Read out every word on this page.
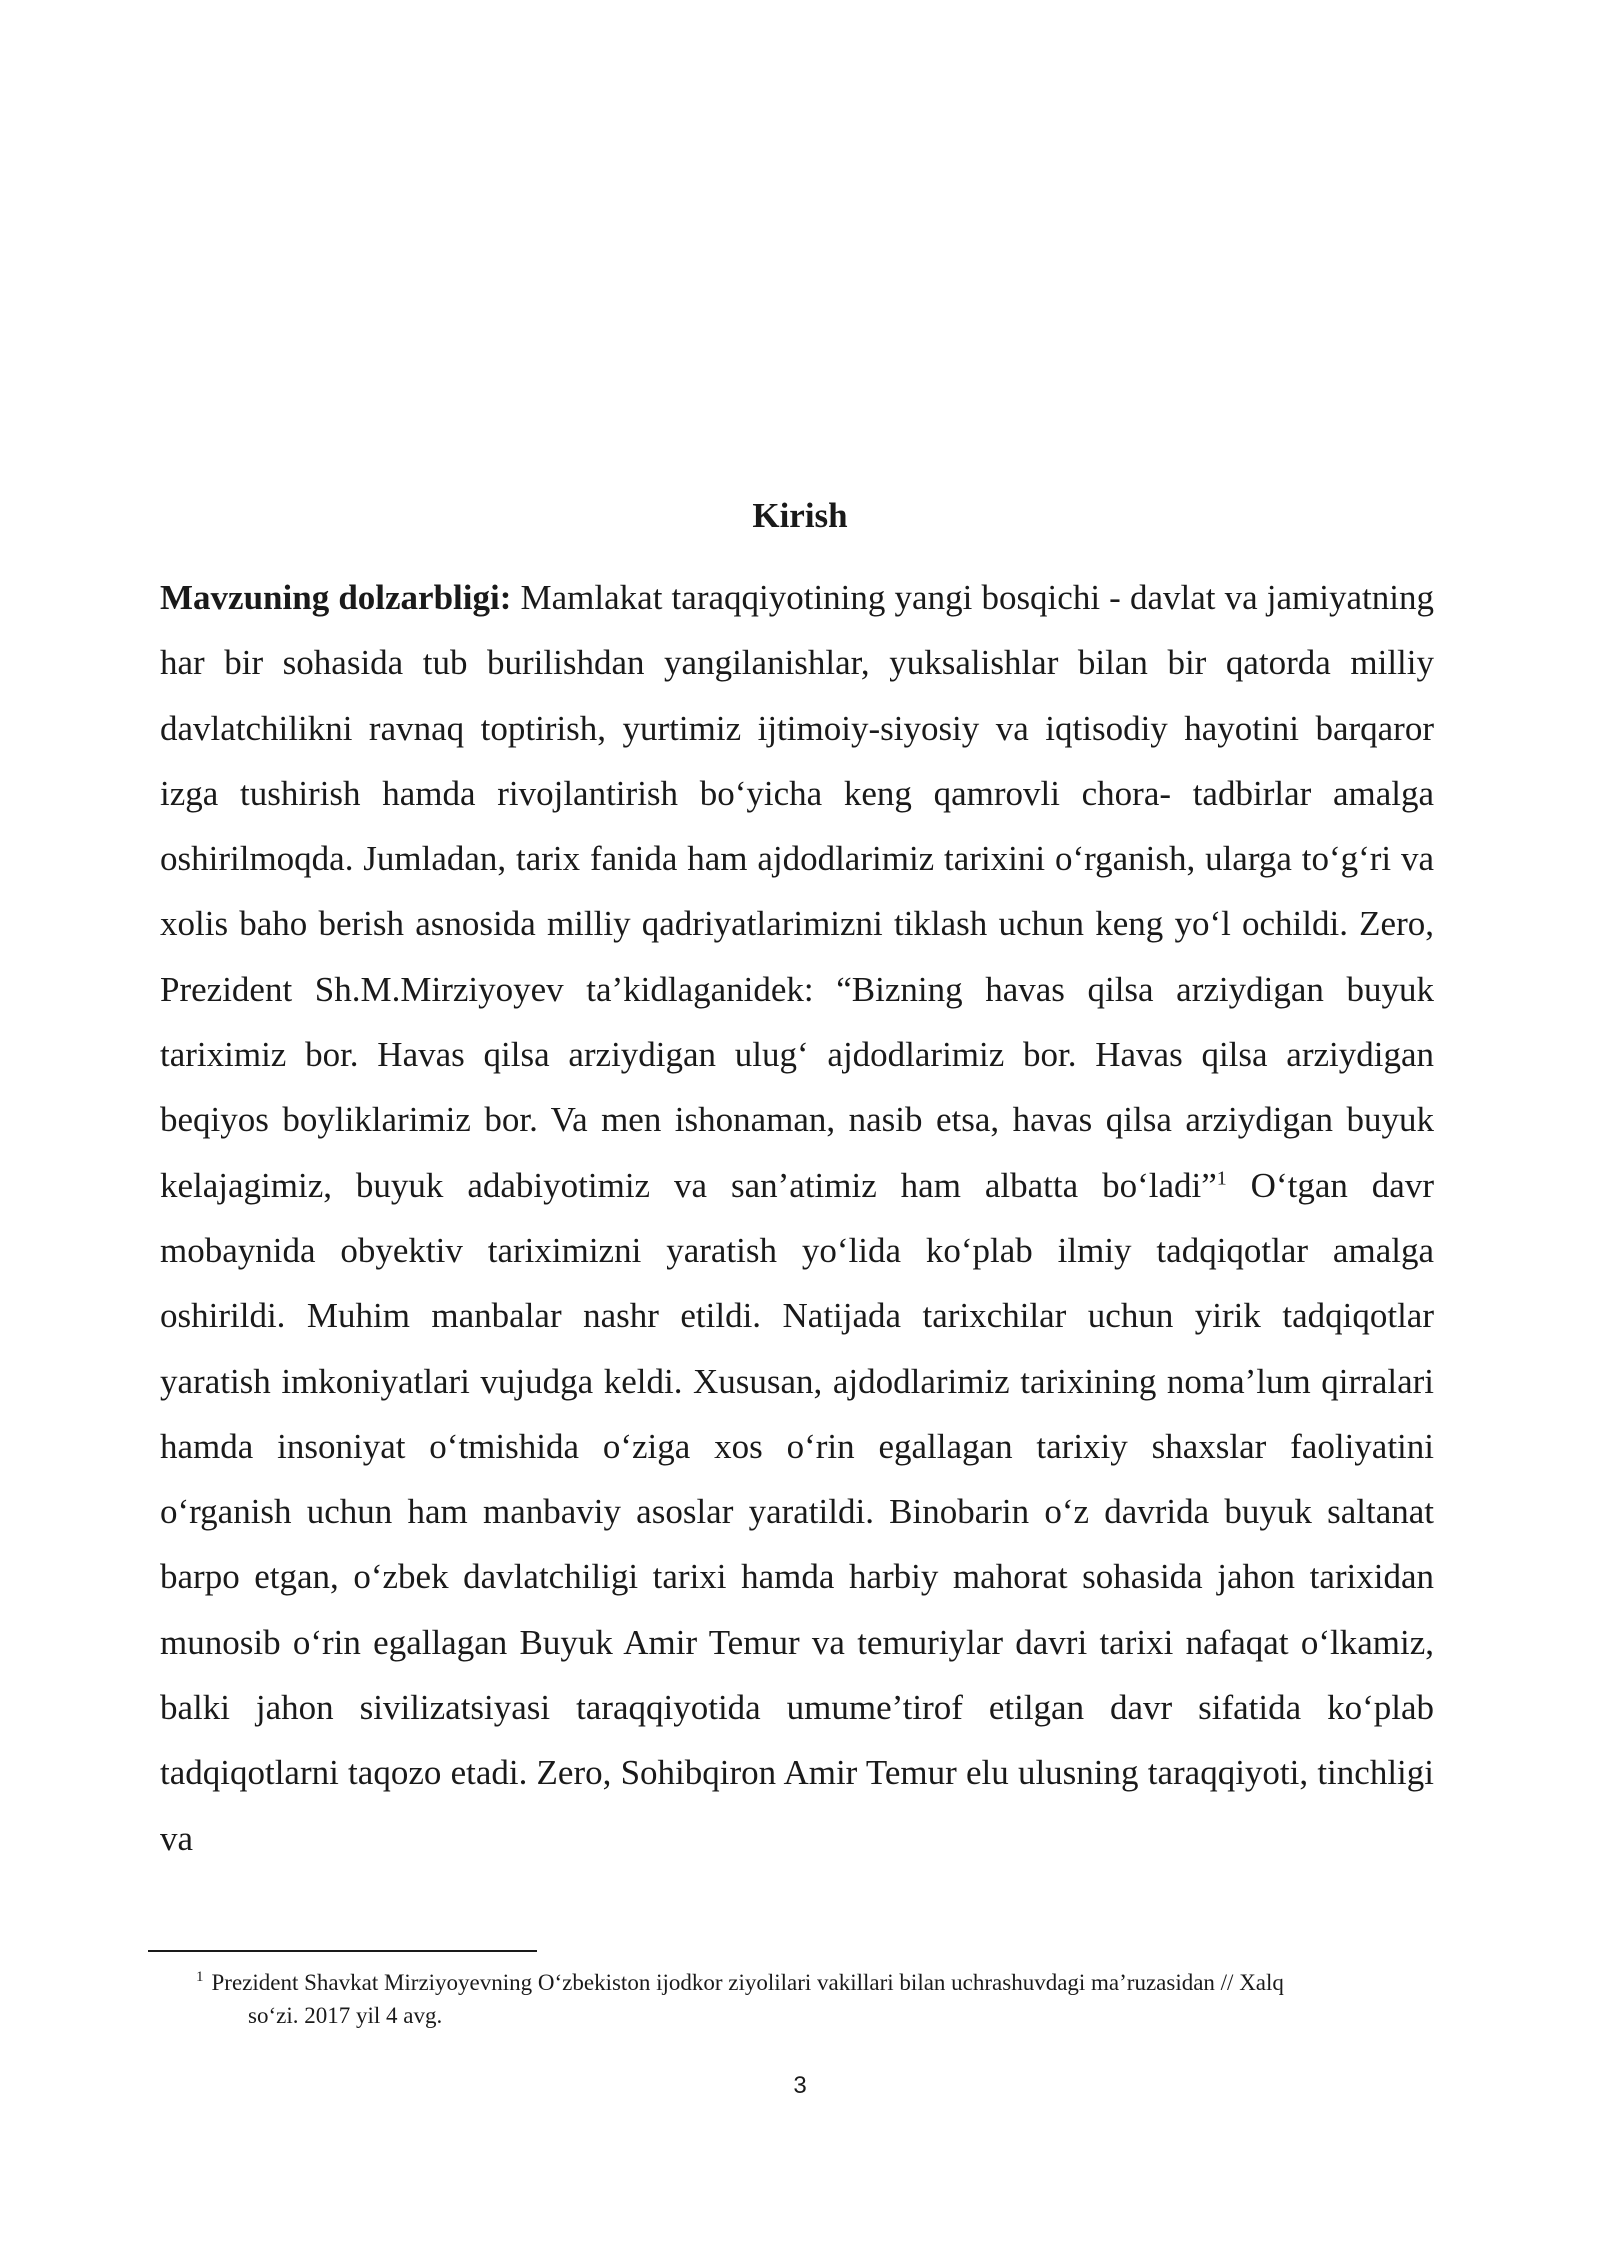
Kirish

Mavzuning dolzarbligi: Mamlakat taraqqiyotining yangi bosqichi - davlat va jamiyatning har bir sohasida tub burilishdan yangilanishlar, yuksalishlar bilan bir qatorda milliy davlatchilikni ravnaq toptirish, yurtimiz ijtimoiy-siyosiy va iqtisodiy hayotini barqaror izga tushirish hamda rivojlantirish bo‘yicha keng qamrovli chora- tadbirlar amalga oshirilmoqda. Jumladan, tarix fanida ham ajdodlarimiz tarixini o‘rganish, ularga to‘g‘ri va xolis baho berish asnosida milliy qadriyatlarimizni tiklash uchun keng yo‘l ochildi. Zero, Prezident Sh.M.Mirziyoyev ta’kidlaganidek: “Bizning havas qilsa arziydigan buyuk tariximiz bor. Havas qilsa arziydigan ulug‘ ajdodlarimiz bor. Havas qilsa arziydigan beqiyos boyliklarimiz bor. Va men ishonaman, nasib etsa, havas qilsa arziydigan buyuk kelajagimiz, buyuk adabiyotimiz va san’atimiz ham albatta bo‘ladi”$^1$ O‘tgan davr mobaynida obyektiv tariximizni yaratish yo‘lida ko‘plab ilmiy tadqiqotlar amalga oshirildi. Muhim manbalar nashr etildi. Natijada tarixchilar uchun yirik tadqiqotlar yaratish imkoniyatlari vujudga keldi. Xususan, ajdodlarimiz tarixining noma’lum qirralari hamda insoniyat o‘tmishida o‘ziga xos o‘rin egallagan tarixiy shaxslar faoliyatini o‘rganish uchun ham manbaviy asoslar yaratildi. Binobarin o‘z davrida buyuk saltanat barpo etgan, o‘zbek davlatchiligi tarixi hamda harbiy mahorat sohasida jahon tarixidan munosib o‘rin egallagan Buyuk Amir Temur va temuriylar davri tarixi nafaqat o‘lkamiz, balki jahon sivilizatsiyasi taraqqiyotida umume’tirof etilgan davr sifatida ko‘plab tadqiqotlarni taqozo etadi. Zero, Sohibqiron Amir Temur elu ulusning taraqqiyoti, tinchligi va

$^1$ Prezident Shavkat Mirziyoyevning O‘zbekiston ijodkor ziyolilari vakillari bilan uchrashuvdagi ma’ruzasidan // Xalq
so‘zi. 2017 yil 4 avg.

3
